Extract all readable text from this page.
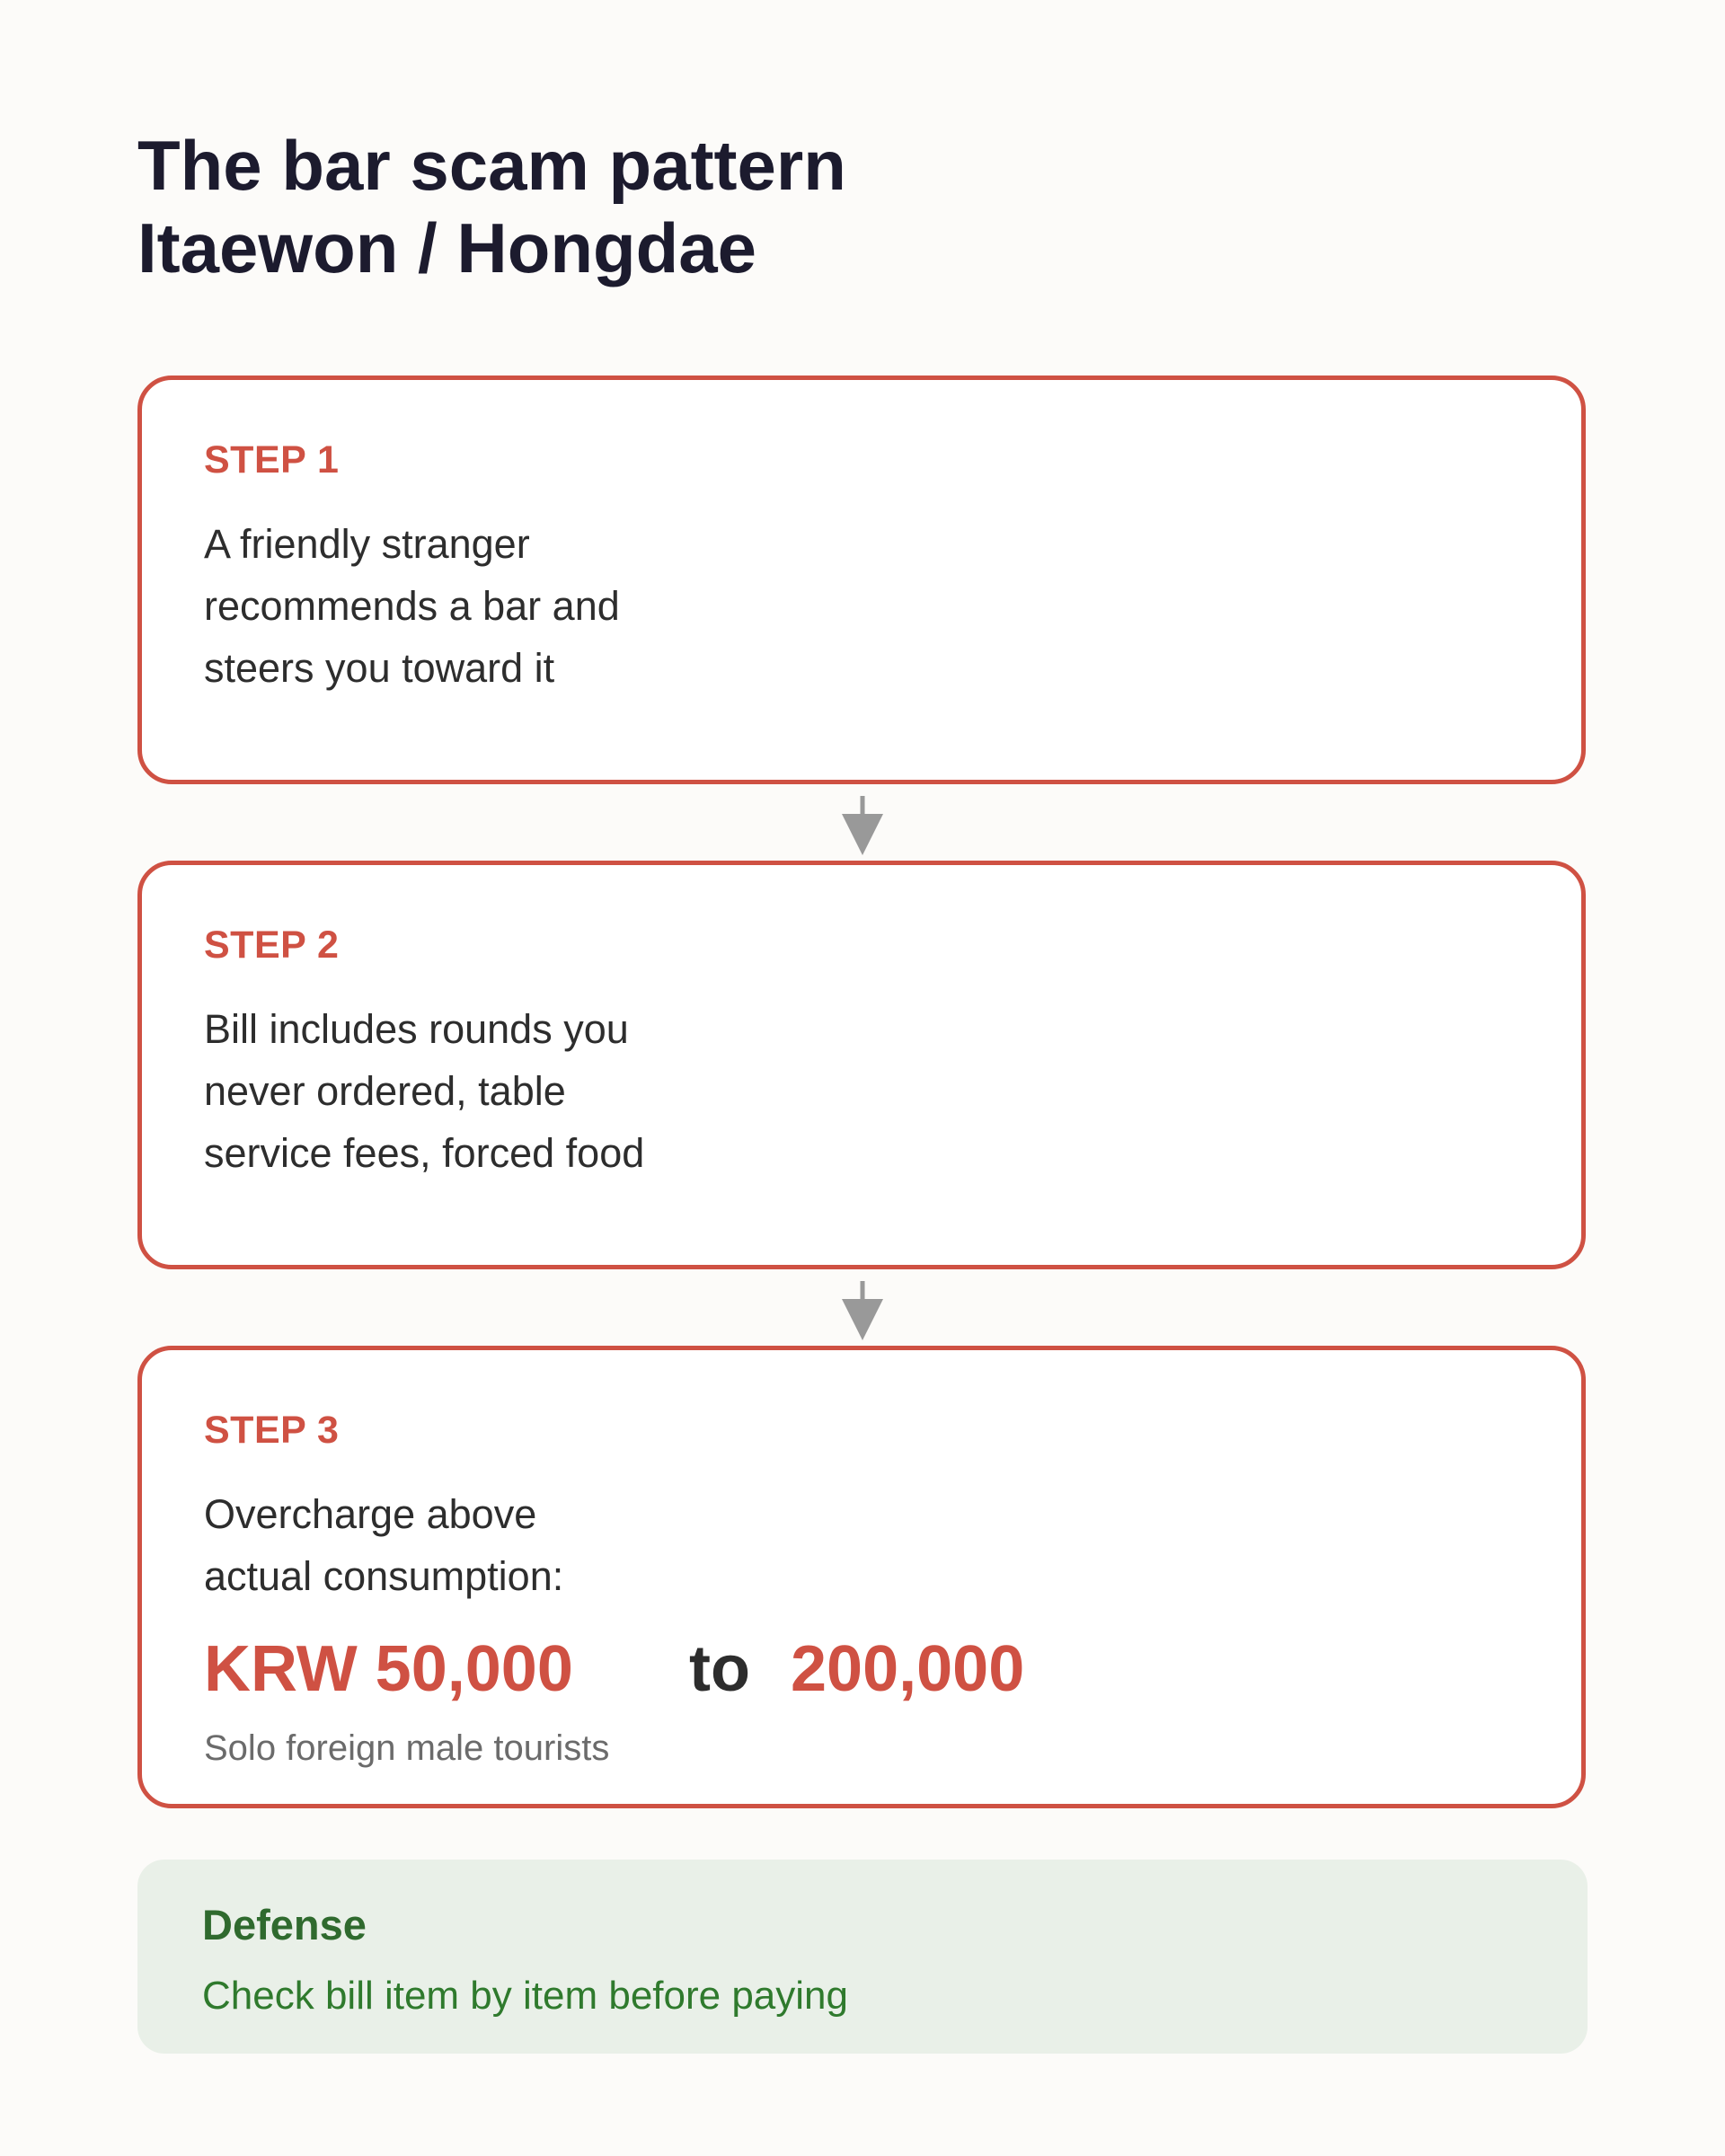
The bar scam pattern
Itaewon / Hongdae
STEP 1
A friendly stranger
recommends a bar and
steers you toward it
STEP 2
Bill includes rounds you
never ordered, table
service fees, forced food
STEP 3
Overcharge above
actual consumption:
KRW 50,000 to 200,000
Solo foreign male tourists
Defense
Check bill item by item before paying
